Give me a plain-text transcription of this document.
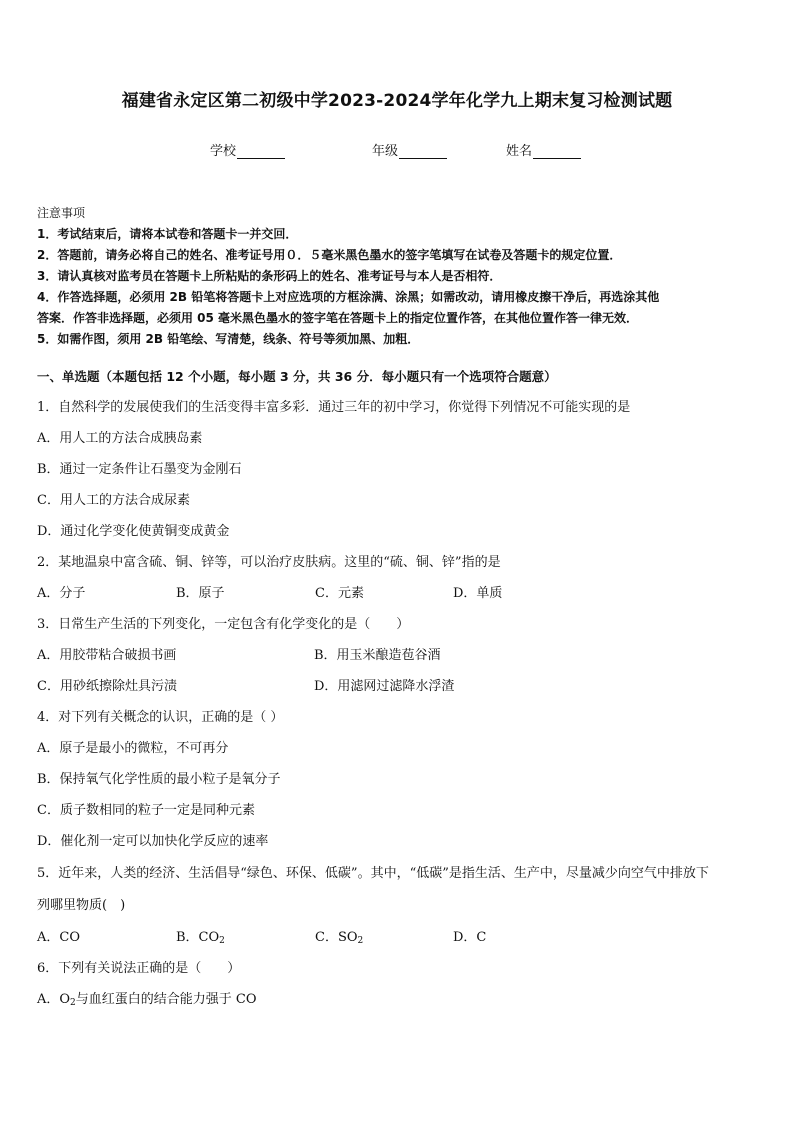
福建省永定区第二初级中学2023-2024学年化学九上期末复习检测试题
学校	年级	姓名
注意事项
1．考试结束后，请将本试卷和答题卡一并交回．
2．答题前，请务必将自己的姓名、准考证号用０．５毫米黑色墨水的签字笔填写在试卷及答题卡的规定位置．
3．请认真核对监考员在答题卡上所粘贴的条形码上的姓名、准考证号与本人是否相符．
4．作答选择题，必须用 2B 铅笔将答题卡上对应选项的方框涂满、涂黑；如需改动，请用橡皮擦干净后，再选涂其他
答案．作答非选择题，必须用 05 毫米黑色墨水的签字笔在答题卡上的指定位置作答，在其他位置作答一律无效．
5．如需作图，须用 2B 铅笔绘、写清楚，线条、符号等须加黑、加粗．
一、单选题（本题包括 12 个小题，每小题 3 分，共 36 分．每小题只有一个选项符合题意）
1．自然科学的发展使我们的生活变得丰富多彩．通过三年的初中学习，你觉得下列情况不可能实现的是
A．用人工的方法合成胰岛素
B．通过一定条件让石墨变为金刚石
C．用人工的方法合成尿素
D．通过化学变化使黄铜变成黄金
2．某地温泉中富含硫、铜、锌等，可以治疗皮肤病。这里的“硫、铜、锌”指的是
A．分子	B．原子	C．元素	D．单质
3．日常生产生活的下列变化，一定包含有化学变化的是（　　）
A．用胶带粘合破损书画	B．用玉米酿造苞谷酒
C．用砂纸擦除灶具污渍	D．用滤网过滤降水浮渣
4．对下列有关概念的认识，正确的是（ ）
A．原子是最小的微粒，不可再分
B．保持氧气化学性质的最小粒子是氧分子
C．质子数相同的粒子一定是同种元素
D．催化剂一定可以加快化学反应的速率
5．近年来，人类的经济、生活倡导“绿色、环保、低碳”。其中，“低碳”是指生活、生产中，尽量减少向空气中排放下
列哪里物质(　)
A．CO	B．$CO_2$	C．$SO_2$	D．C
6．下列有关说法正确的是（　　）
A．$O_2$与血红蛋白的结合能力强于 CO
